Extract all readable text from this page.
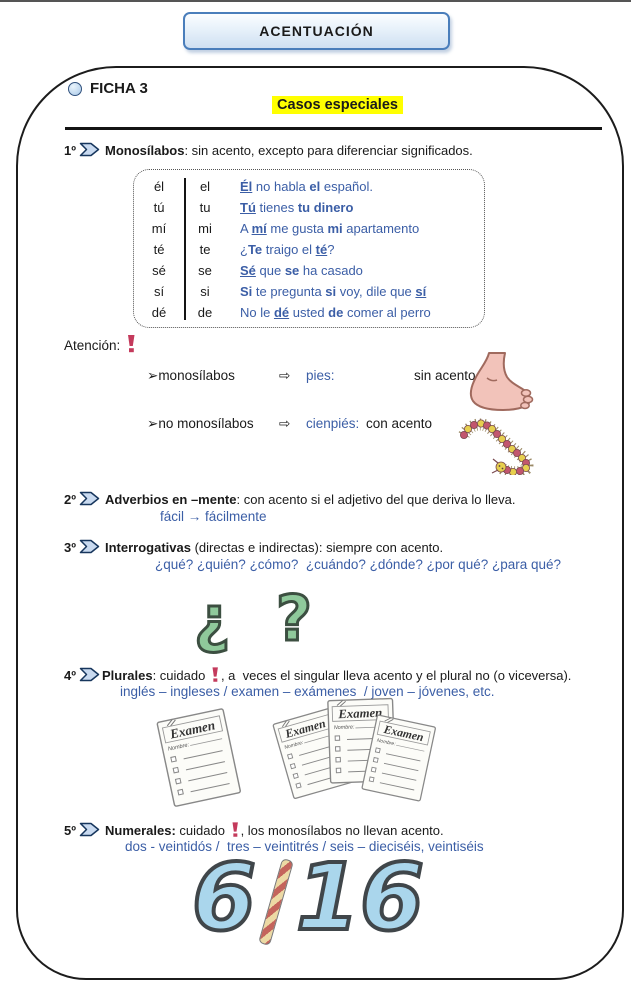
ACENTUACIÓN
FICHA 3
Casos especiales
1º Monosílabos: sin acento, excepto para diferenciar significados.
él	el	Él no habla el español.
tú	tu	Tú tienes tu dinero
mí	mi	A mí me gusta mi apartamento
té	te	¿Te traigo el té?
sé	se	Sé que se ha casado
sí	si	Si te pregunta si voy, dile que sí
dé	de	No le dé usted de comer al perro
Atención:
➢monosílabos	⇨	pies:	sin acento
➢no monosílabos	⇨	cienpiés: con acento
2º Adverbios en –mente: con acento si el adjetivo del que deriva lo lleva.
fácil → fácilmente
3º Interrogativas (directas e indirectas): siempre con acento.
¿qué? ¿quién? ¿cómo?  ¿cuándo? ¿dónde? ¿por qué? ¿para qué?
¿ ?
4º Plurales: cuidado , a  veces el singular lleva acento y el plural no (o viceversa).
inglés – ingleses / examen – exámenes  / joven – jóvenes, etc.
5º Numerales: cuidado , los monosílabos no llevan acento.
dos - veintidós /  tres – veintitrés / seis – dieciséis, veintiséis
6 16
